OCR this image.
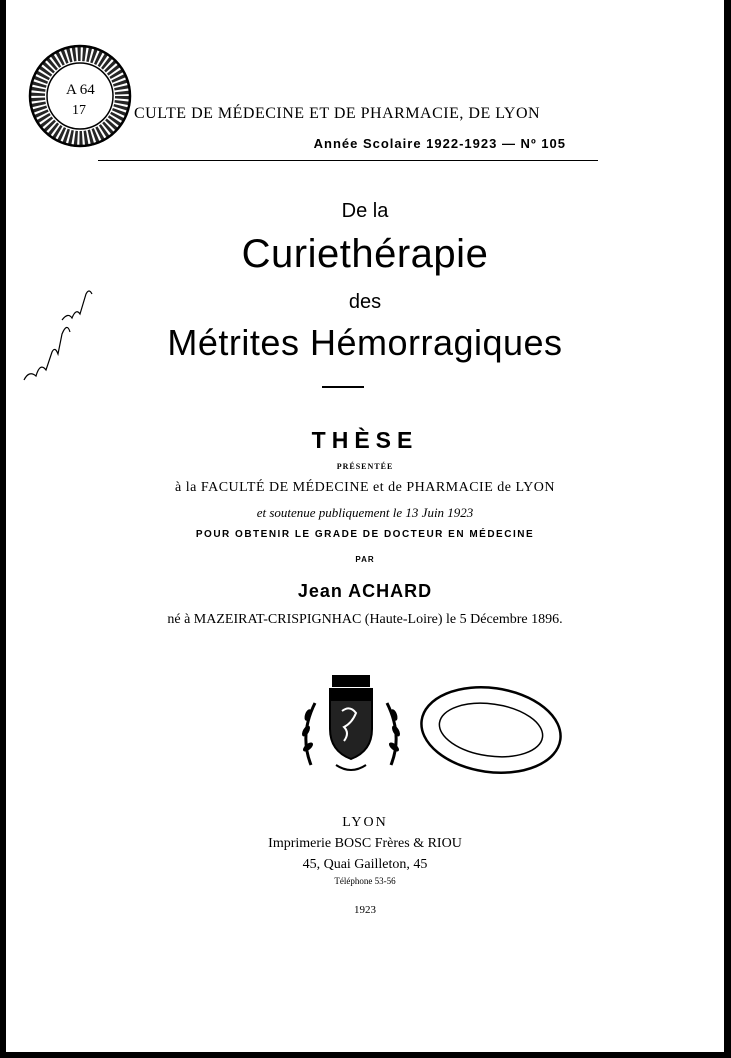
A 64
17	CULTE DE MÉDECINE ET DE PHARMACIE, DE LYON
Année Scolaire 1922-1923 — Nº 105
De la
Curiethérapie
des
Métrites Hémorragiques
THÈSE
PRÉSENTÉE
à la FACULTÉ DE MÉDECINE et de PHARMACIE de LYON
et soutenue publiquement le 13 Juin 1923
POUR OBTENIR LE GRADE DE DOCTEUR EN MÉDECINE
PAR
Jean ACHARD
né à MAZEIRAT-CRISPIGNHAC (Haute-Loire) le 5 Décembre 1896.
LYON
Imprimerie BOSC Frères & RIOU
45, Quai Gailleton, 45
Téléphone 53-56
1923
